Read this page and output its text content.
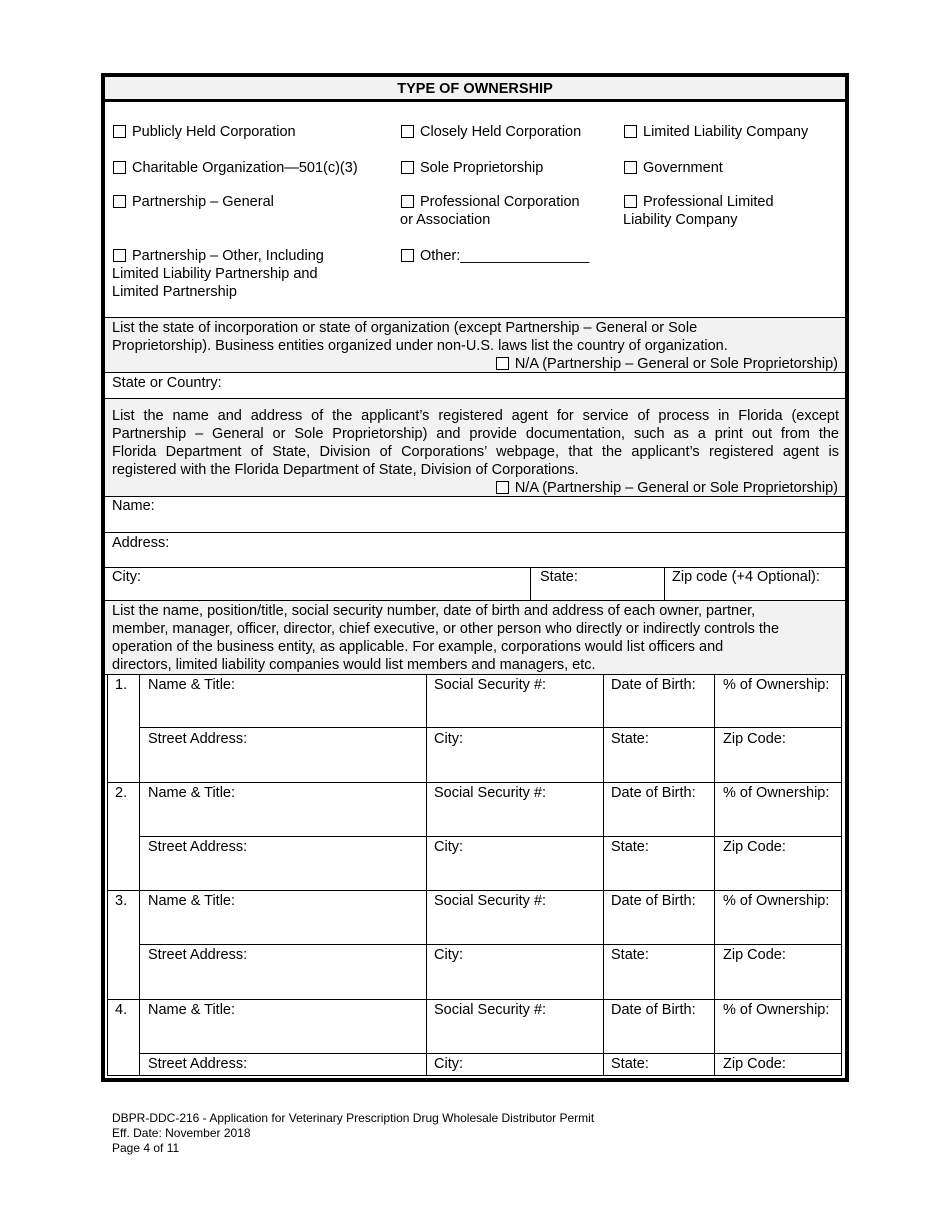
TYPE OF OWNERSHIP
Publicly Held Corporation	Closely Held Corporation	Limited Liability Company
Charitable Organization—501(c)(3)	Sole Proprietorship	Government
Partnership – General	Professional Corporation
or Association
Professional Limited
Liability Company
Partnership – Other, Including
Limited Liability Partnership and
Limited Partnership
Other:________________
List the state of incorporation or state of organization (except Partnership – General or Sole
Proprietorship). Business entities organized under non-U.S. laws list the country of organization.
N/A (Partnership – General or Sole Proprietorship)
State or Country:
List the name and address of the applicant’s registered agent for service of process in Florida (except
Partnership – General or Sole Proprietorship) and provide documentation, such as a print out from the
Florida Department of State, Division of Corporations’ webpage, that the applicant’s registered agent is
registered with the Florida Department of State, Division of Corporations.
N/A (Partnership – General or Sole Proprietorship)
Name:
Address:
City:	State:	Zip code (+4 Optional):
List the name, position/title, social security number, date of birth and address of each owner, partner,
member, manager, officer, director, chief executive, or other person who directly or indirectly controls the
operation of the business entity, as applicable. For example, corporations would list officers and
directors, limited liability companies would list members and managers, etc.
1. Name & Title:	Social Security #:	Date of Birth: % of Ownership:
Street Address:	City:	State:	Zip Code:
2. Name & Title:	Social Security #:	Date of Birth: % of Ownership:
Street Address:	City:	State:	Zip Code:
3. Name & Title:	Social Security #:	Date of Birth: % of Ownership:
Street Address:	City:	State:	Zip Code:
4. Name & Title:	Social Security #:	Date of Birth: % of Ownership:
Street Address:	City:	State:	Zip Code:
DBPR-DDC-216 - Application for Veterinary Prescription Drug Wholesale Distributor Permit
Eff. Date: November 2018
Page 4 of 11
